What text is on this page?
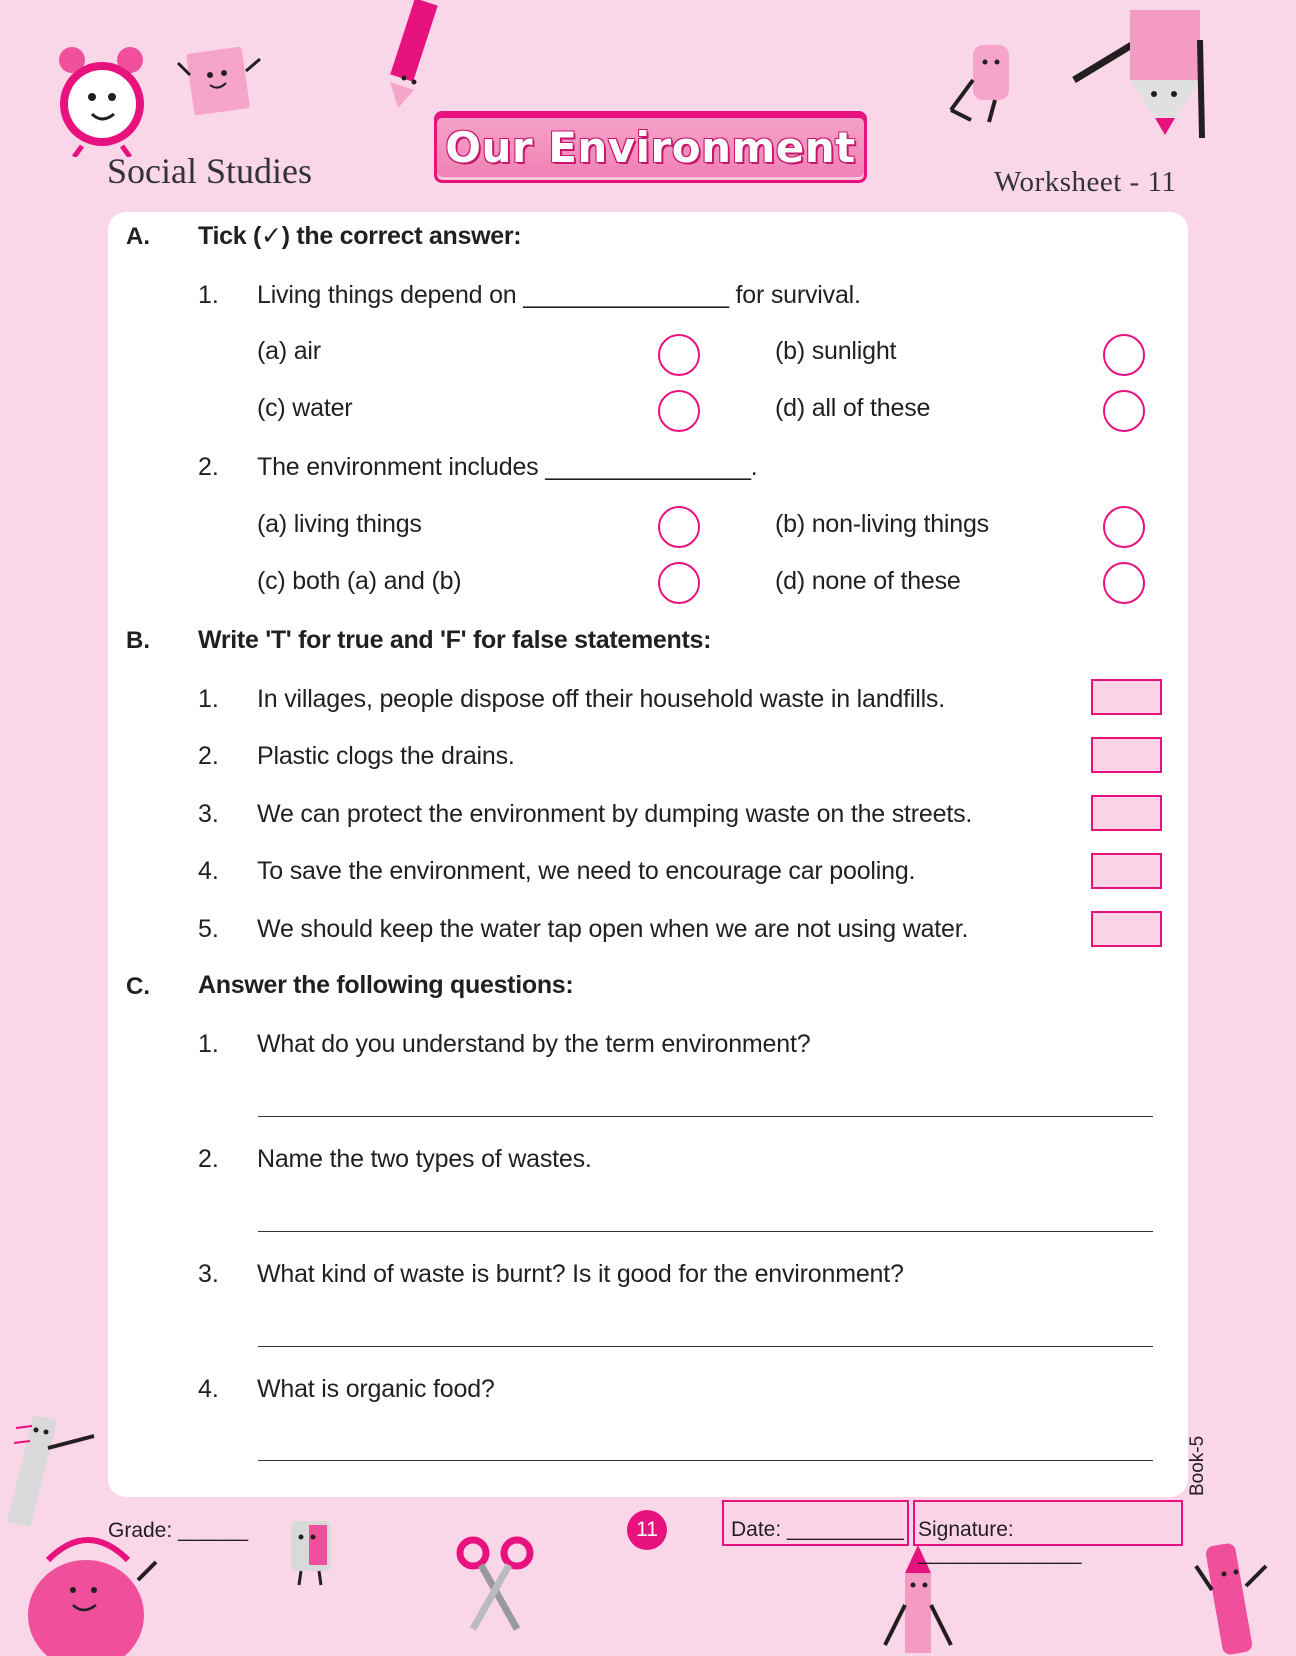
Social Studies	Our Environment
Worksheet - 11
A. Tick (✓) the correct answer:
1. Living things depend on _______________ for survival.
(a) air	(b) sunlight
(c) water	(d) all of these
2. The environment includes _______________.
(a) living things	(b) non-living things
(c) both (a) and (b)	(d) none of these
B. Write 'T' for true and 'F' for false statements:
1. In villages, people dispose off their household waste in landfills.
2. Plastic clogs the drains.
3. We can protect the environment by dumping waste on the streets.
4. To save the environment, we need to encourage car pooling.
5. We should keep the water tap open when we are not using water.
C. Answer the following questions:
1. What do you understand by the term environment?
2. Name the two types of wastes.
3. What kind of waste is burnt? Is it good for the environment?
4. What is organic food?
Book-5
Grade: ______	11	Date: __________ Signature: ______________
